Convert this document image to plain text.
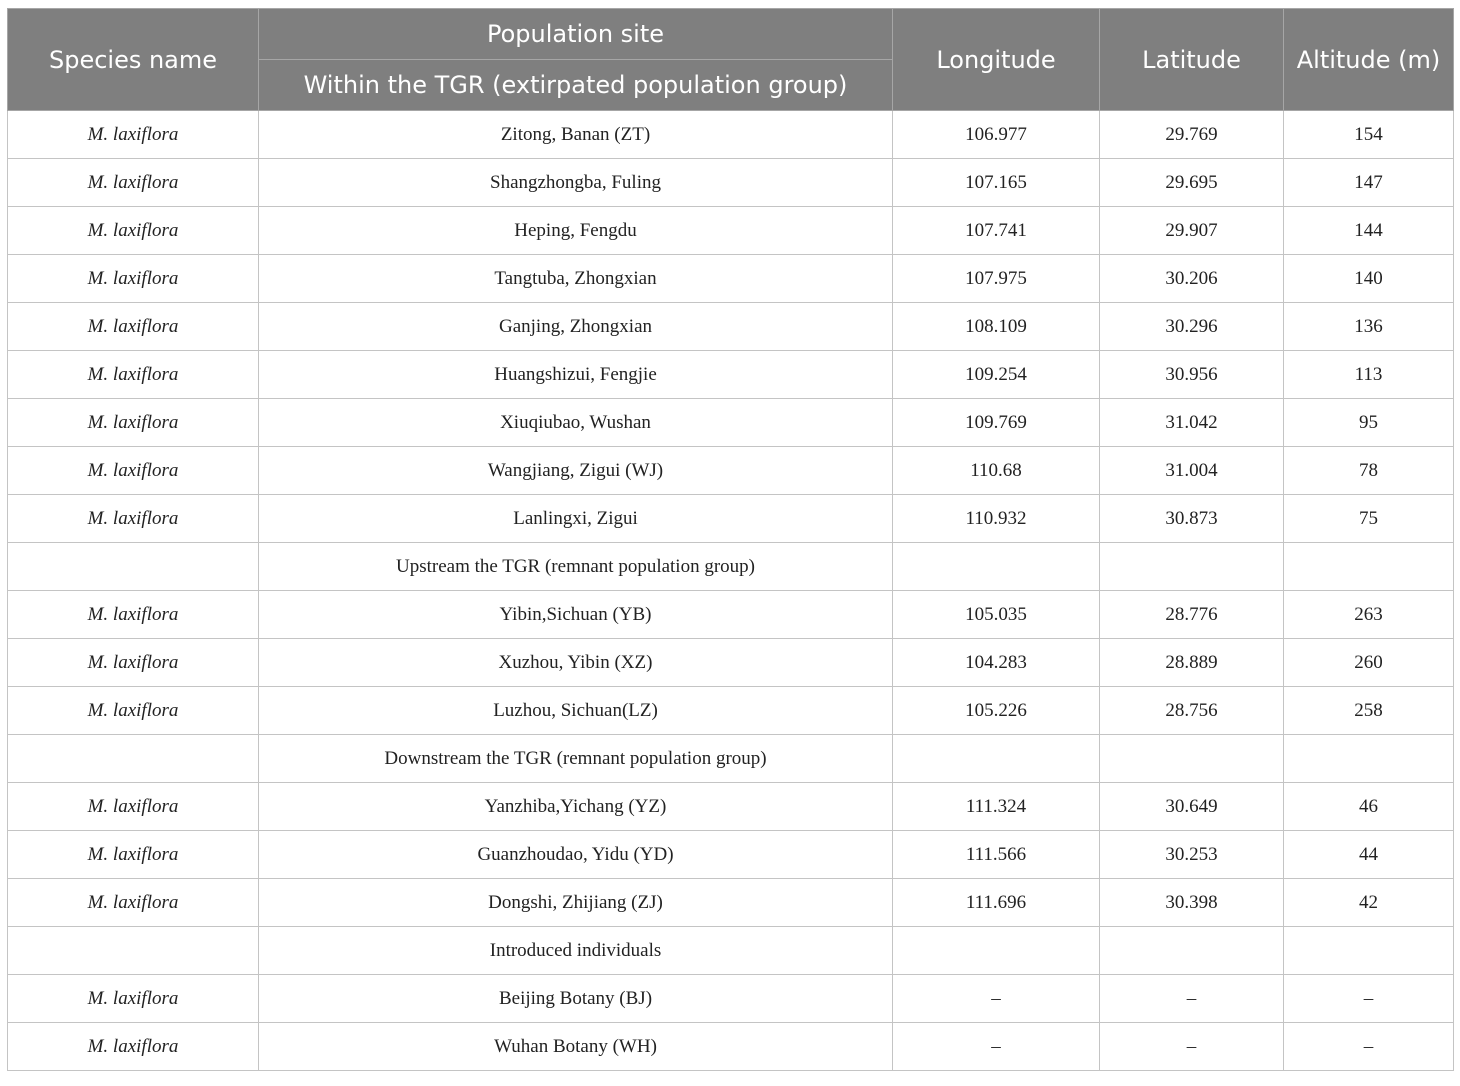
Species name	Population site	Longitude	Latitude	Altitude (m)
	Within the TGR (extirpated population group)			
M. laxiflora	Zitong, Banan (ZT)	106.977	29.769	154
M. laxiflora	Shangzhongba, Fuling	107.165	29.695	147
M. laxiflora	Heping, Fengdu	107.741	29.907	144
M. laxiflora	Tangtuba, Zhongxian	107.975	30.206	140
M. laxiflora	Ganjing, Zhongxian	108.109	30.296	136
M. laxiflora	Huangshizui, Fengjie	109.254	30.956	113
M. laxiflora	Xiuqiubao, Wushan	109.769	31.042	95
M. laxiflora	Wangjiang, Zigui (WJ)	110.68	31.004	78
M. laxiflora	Lanlingxi, Zigui	110.932	30.873	75
	Upstream the TGR (remnant population group)			
M. laxiflora	Yibin,Sichuan (YB)	105.035	28.776	263
M. laxiflora	Xuzhou, Yibin (XZ)	104.283	28.889	260
M. laxiflora	Luzhou, Sichuan(LZ)	105.226	28.756	258
	Downstream the TGR (remnant population group)			
M. laxiflora	Yanzhiba,Yichang (YZ)	111.324	30.649	46
M. laxiflora	Guanzhoudao, Yidu (YD)	111.566	30.253	44
M. laxiflora	Dongshi, Zhijiang (ZJ)	111.696	30.398	42
	Introduced individuals			
M. laxiflora	Beijing Botany (BJ)	–	–	–
M. laxiflora	Wuhan Botany (WH)	–	–	–
